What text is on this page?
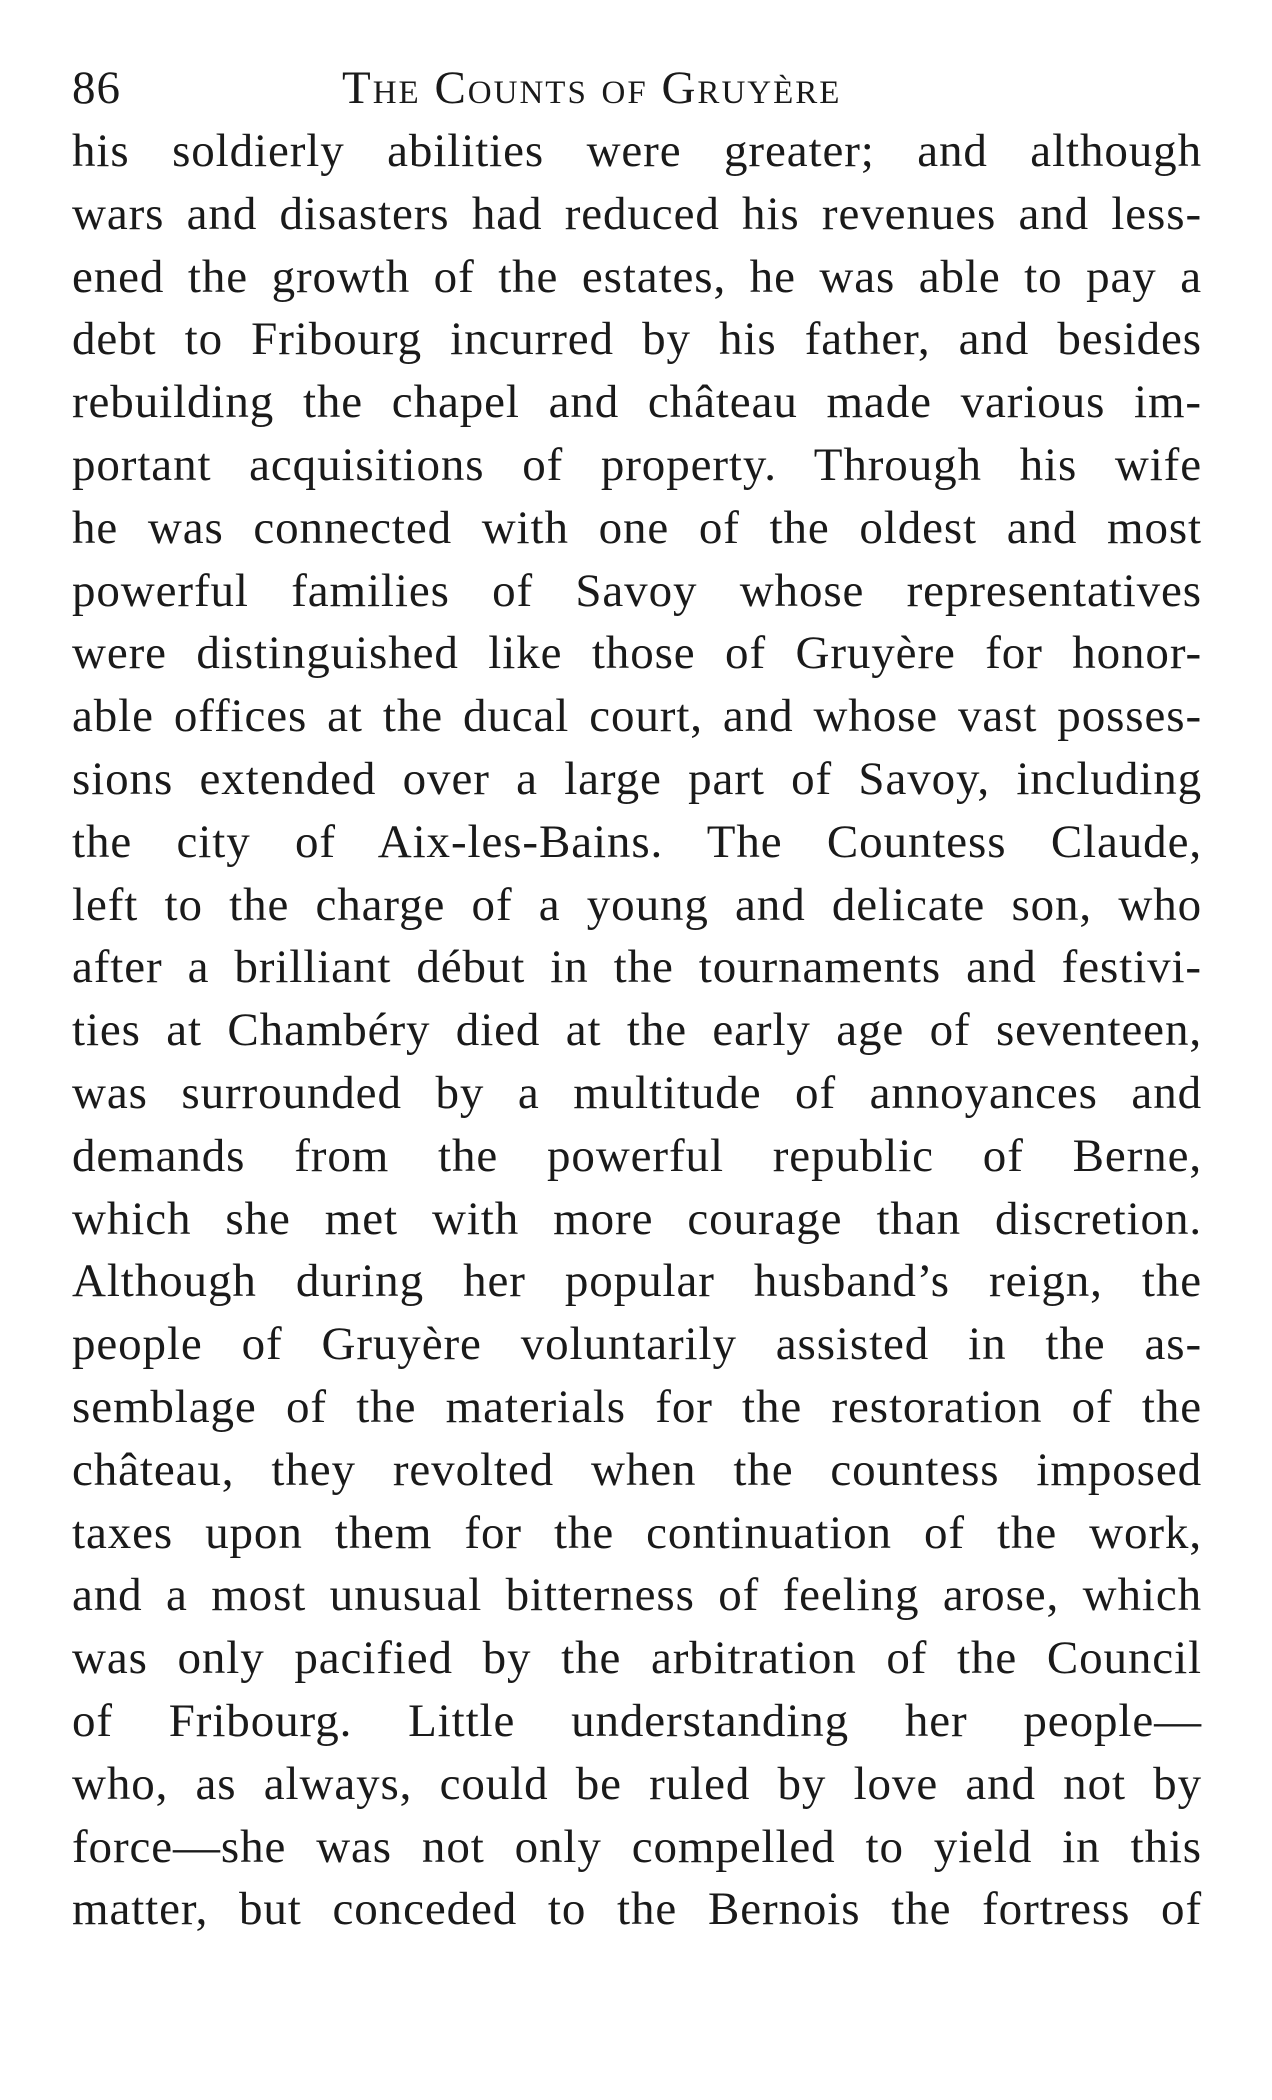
86	The Counts of Gruyère
his soldierly abilities were greater; and although
wars and disasters had reduced his revenues and less-
ened the growth of the estates, he was able to pay a
debt to Fribourg incurred by his father, and besides
rebuilding the chapel and château made various im-
portant acquisitions of property. Through his wife
he was connected with one of the oldest and most
powerful families of Savoy whose representatives
were distinguished like those of Gruyère for honor-
able offices at the ducal court, and whose vast posses-
sions extended over a large part of Savoy, including
the city of Aix-les-Bains. The Countess Claude,
left to the charge of a young and delicate son, who
after a brilliant début in the tournaments and festivi-
ties at Chambéry died at the early age of seventeen,
was surrounded by a multitude of annoyances and
demands from the powerful republic of Berne,
which she met with more courage than discretion.
Although during her popular husband’s reign, the
people of Gruyère voluntarily assisted in the as-
semblage of the materials for the restoration of the
château, they revolted when the countess imposed
taxes upon them for the continuation of the work,
and a most unusual bitterness of feeling arose, which
was only pacified by the arbitration of the Council
of Fribourg. Little understanding her people—
who, as always, could be ruled by love and not by
force—she was not only compelled to yield in this
matter, but conceded to the Bernois the fortress of
